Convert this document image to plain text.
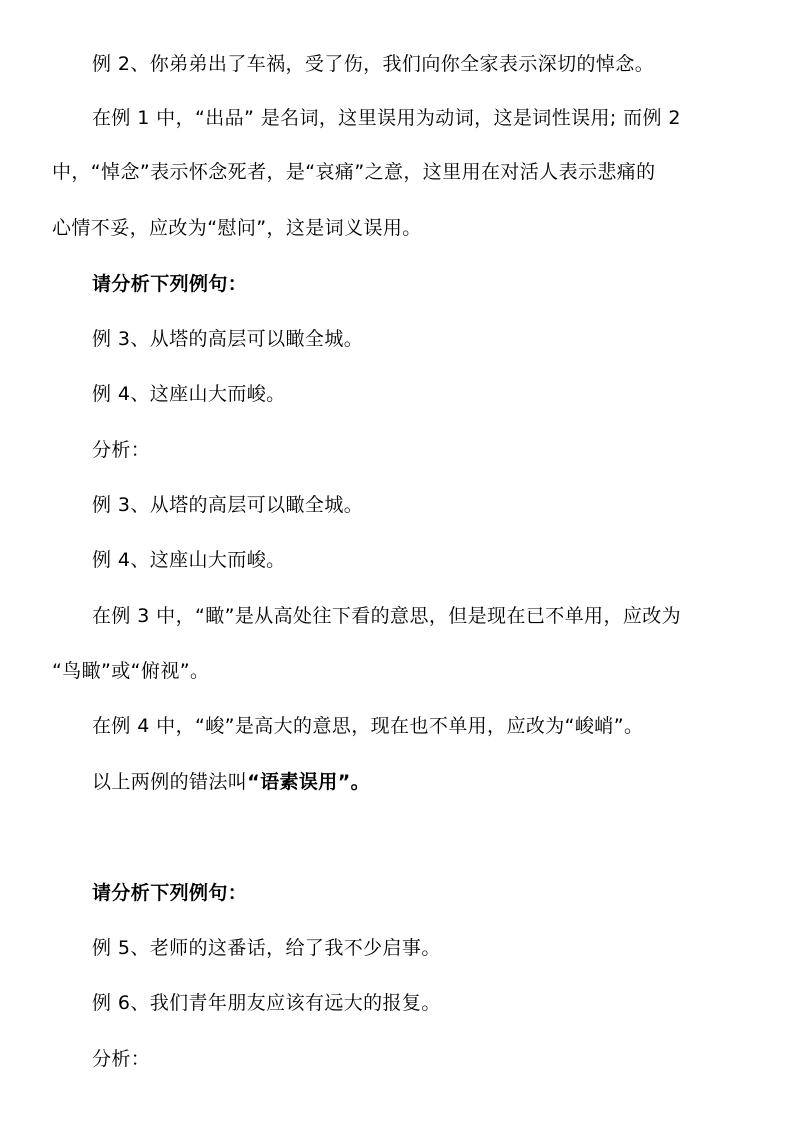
例 2、你弟弟出了车祸，受了伤，我们向你全家表示深切的悼念。
在例 1 中，“出品” 是名词，这里误用为动词，这是词性误用; 而例 2
中，“悼念”表示怀念死者，是“哀痛”之意，这里用在对活人表示悲痛的
心情不妥，应改为“慰问”，这是词义误用。
请分析下列例句：
例 3、从塔的高层可以瞰全城。
例 4、这座山大而峻。
分析：
例 3、从塔的高层可以瞰全城。
例 4、这座山大而峻。
在例 3 中，“瞰”是从高处往下看的意思，但是现在已不单用，应改为
“鸟瞰”或“俯视”。
在例 4 中，“峻”是高大的意思，现在也不单用，应改为“峻峭”。
以上两例的错法叫“语素误用”。
请分析下列例句：
例 5、老师的这番话，给了我不少启事。
例 6、我们青年朋友应该有远大的报复。
分析：
